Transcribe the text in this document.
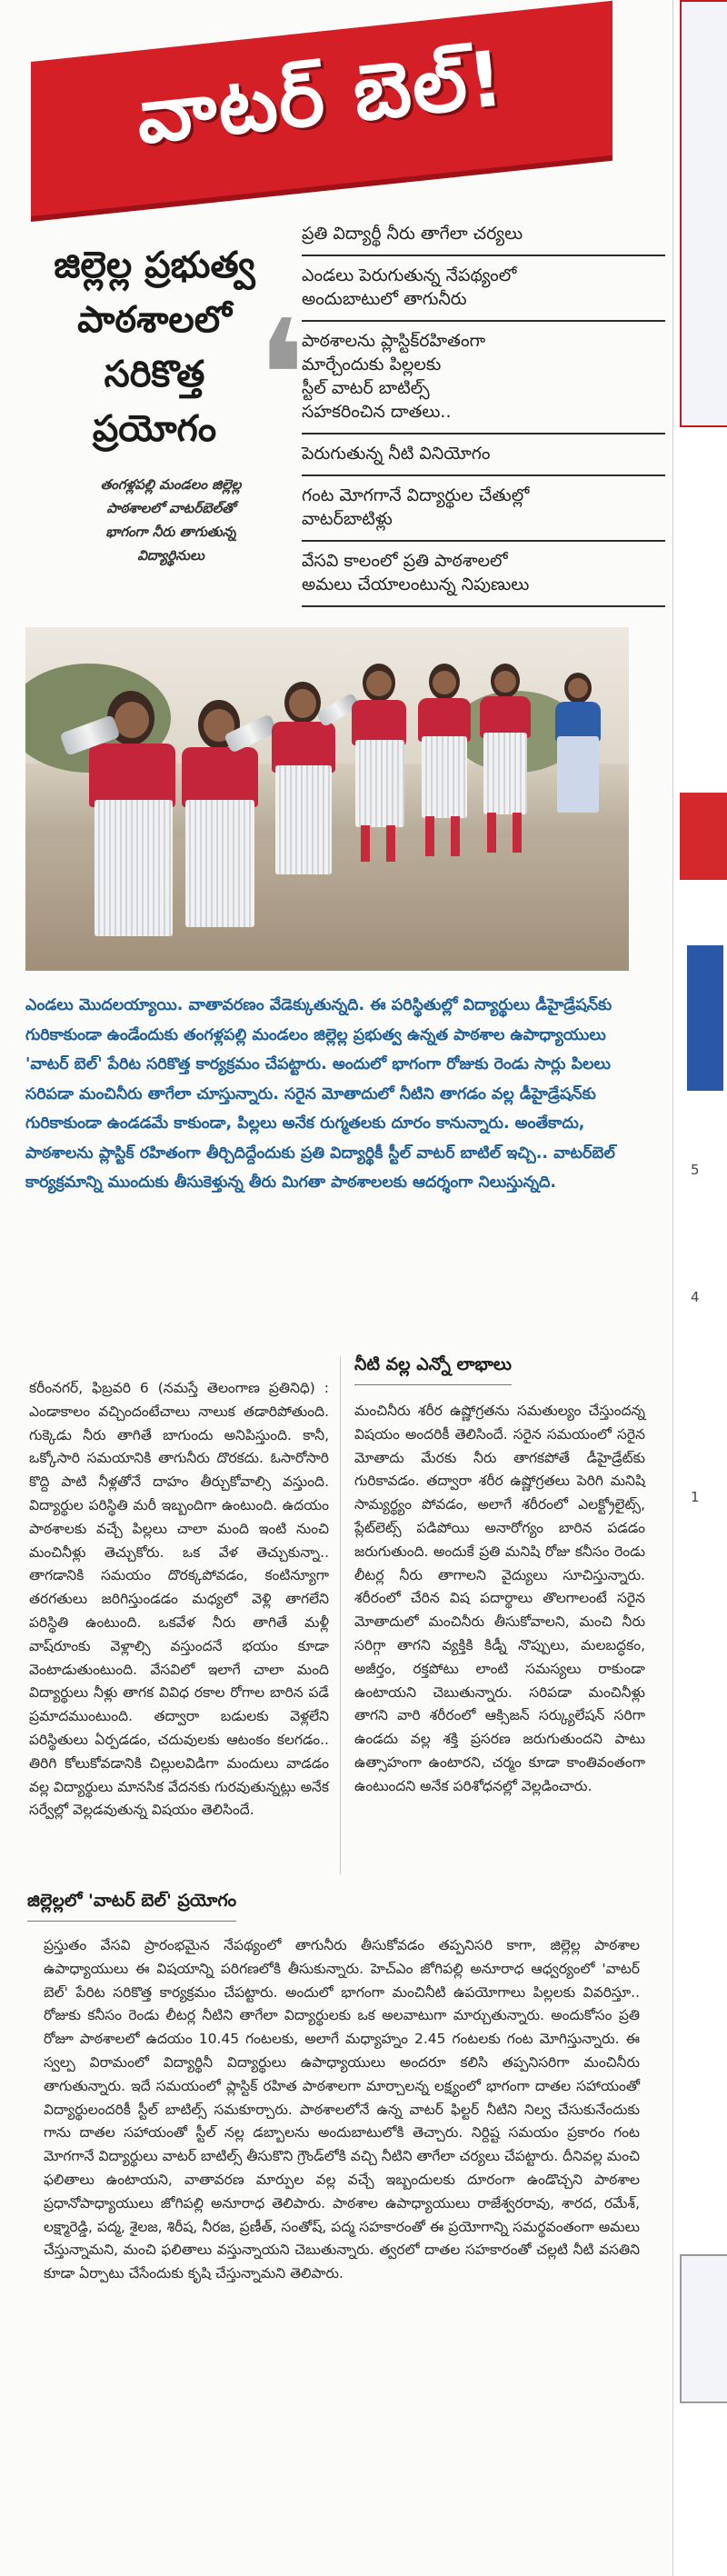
వాటర్ బెల్!
జిల్లెల్ల ప్రభుత్వ
పాఠశాలలో
సరికొత్త
ప్రయోగం ❛
తంగళ్లపల్లి మండలం జిల్లెల్ల
పాఠశాలలో వాటర్‌బెల్‌తో
భాగంగా నీరు తాగుతున్న
విద్యార్థినులు
ప్రతి విద్యార్థీ నీరు తాగేలా చర్యలు
ఎండలు పెరుగుతున్న నేపథ్యంలో
అందుబాటులో తాగునీరు
పాఠశాలను ప్లాస్టిక్‌రహితంగా
మార్చేందుకు పిల్లలకు
స్టీల్ వాటర్ బాటిల్స్
సహకరించిన దాతలు..
పెరుగుతున్న నీటి వినియోగం
గంట మోగగానే విద్యార్థుల చేతుల్లో
వాటర్‌బాటిళ్లు
వేసవి కాలంలో ప్రతి పాఠశాలలో
అమలు చేయాలంటున్న నిపుణులు
ఎండలు మొదలయ్యాయి. వాతావరణం వేడెక్కుతున్నది. ఈ పరిస్థితుల్లో విద్యార్థులు డీహైడ్రేషన్‌కు గురికాకుండా ఉండేందుకు తంగళ్లపల్లి మండలం జిల్లెల్ల ప్రభుత్వ ఉన్నత పాఠశాల ఉపాధ్యాయులు 'వాటర్ బెల్' పేరిట సరికొత్త కార్యక్రమం చేపట్టారు. అందులో భాగంగా రోజుకు రెండు సార్లు పిలలు సరిపడా మంచినీరు తాగేలా చూస్తున్నారు. సరైన మోతాదులో నీటిని తాగడం వల్ల డీహైడ్రేషన్‌కు గురికాకుండా ఉండడమే కాకుండా, పిల్లలు అనేక రుగ్మతలకు దూరం కానున్నారు. అంతేకాదు, పాఠశాలను ప్లాస్టిక్ రహితంగా తీర్చిదిద్దేందుకు ప్రతి విద్యార్థికీ స్టీల్ వాటర్ బాటిల్ ఇచ్చి.. వాటర్‌బెల్ కార్యక్రమాన్ని ముందుకు తీసుకెళ్తున్న తీరు మిగతా పాఠశాలలకు ఆదర్శంగా నిలుస్తున్నది.
కరీంనగర్, ఫిబ్రవరి 6 (నమస్తే తెలంగాణ ప్రతినిధి) : ఎండాకాలం వచ్చిందంటేచాలు నాలుక తడారిపోతుంది. గుక్కెడు నీరు తాగితే బాగుందు అనిపిస్తుంది. కానీ, ఒక్కోసారి సమయానికి తాగునీరు దొరకదు. ఓసారోసారి కొద్ది పాటి నీళ్లతోనే దాహం తీర్చుకోవాల్సి వస్తుంది. విద్యార్థుల పరిస్థితి మరీ ఇబ్బందిగా ఉంటుంది. ఉదయం పాఠశాలకు వచ్చే పిల్లలు చాలా మంది ఇంటి నుంచి మంచినీళ్లు తెచ్చుకోరు. ఒక వేళ తెచ్చుకున్నా.. తాగడానికి సమయం దొరక్కపోవడం, కంటిన్యూగా తరగతులు జరిగిస్తుండడం మధ్యలో వెళ్లి తాగలేని పరిస్థితి ఉంటుంది. ఒకవేళ నీరు తాగితే మళ్లీ వాష్‌రూంకు వెళ్లాల్సి వస్తుందనే భయం కూడా వెంటాడుతుంటుంది. వేసవిలో ఇలాగే చాలా మంది విద్యార్థులు నీళ్లు తాగక వివిధ రకాల రోగాల బారిన పడే ప్రమాదముంటుంది. తద్వారా బడులకు వెళ్లలేని పరిస్థితులు ఏర్పడడం, చదువులకు ఆటంకం కలగడం.. తిరిగి కోలుకోవడానికి చిల్లులవిడిగా మందులు వాడడం వల్ల విద్యార్థులు మానసిక వేదనకు గురవుతున్నట్లు అనేక సర్వేల్లో వెల్లడవుతున్న విషయం తెలిసిందే.
నీటి వల్ల ఎన్నో లాభాలు
మంచినీరు శరీర ఉష్ణోగ్రతను సమతుల్యం చేస్తుందన్న విషయం అందరికీ తెలిసిందే. సరైన సమయంలో సరైన మోతాదు మేరకు నీరు తాగకపోతే డీహైడ్రేట్‌కు గురికావడం. తద్వారా శరీర ఉష్ణోగ్రతలు పెరిగి మనిషి సామ్యర్థ్యం పోవడం, అలాగే శరీరంలో ఎలక్ట్రోలైట్స్, ప్లేట్‌లెట్స్ పడిపోయి అనారోగ్యం బారిన పడడం జరుగుతుంది. అందుకే ప్రతి మనిషి రోజు కనీసం రెండు లీటర్ల నీరు తాగాలని వైద్యులు సూచిస్తున్నారు. శరీరంలో చేరిన విష పదార్థాలు తొలగాలంటే సరైన మోతాదులో మంచినీరు తీసుకోవాలని, మంచి నీరు సరిగ్గా తాగని వ్యక్తికి కిడ్నీ నొప్పులు, మలబద్ధకం, అజీర్తం, రక్తపోటు లాంటి సమస్యలు రాకుండా ఉంటాయని చెబుతున్నారు. సరిపడా మంచినీళ్లు తాగని వారి శరీరంలో ఆక్సిజన్ సర్క్యులేషన్ సరిగా ఉండదు వల్ల శక్తి ప్రసరణ జరుగుతుందని పాటు ఉత్సాహంగా ఉంటారని, చర్మం కూడా కాంతివంతంగా ఉంటుందని అనేక పరిశోధనల్లో వెల్లడించారు.
జిల్లెల్లలో 'వాటర్ బెల్' ప్రయోగం
ప్రస్తుతం వేసవి ప్రారంభమైన నేపథ్యంలో తాగునీరు తీసుకోవడం తప్పనిసరి కాగా, జిల్లెల్ల పాఠశాల ఉపాధ్యాయులు ఈ విషయాన్ని పరిగణలోకి తీసుకున్నారు. హెచ్ఎం జోగిపల్లి అనూరాధ ఆధ్వర్యంలో 'వాటర్ బెల్' పేరిట సరికొత్త కార్యక్రమం చేపట్టారు. అందులో భాగంగా మంచినీటి ఉపయోగాలు పిల్లలకు వివరిస్తూ.. రోజుకు కనీసం రెండు లీటర్ల నీటిని తాగేలా విద్యార్థులకు ఒక అలవాటుగా మార్చుతున్నారు. అందుకోసం ప్రతి రోజూ పాఠశాలలో ఉదయం 10.45 గంటలకు, అలాగే మధ్యాహ్నం 2.45 గంటలకు గంట మోగిస్తున్నారు. ఈ స్వల్ప విరామంలో విద్యార్థినీ విద్యార్థులు ఉపాధ్యాయులు అందరూ కలిసి తప్పనిసరిగా మంచినీరు తాగుతున్నారు. ఇదే సమయంలో ప్లాస్టిక్ రహిత పాఠశాలగా మార్చాలన్న లక్ష్యంలో భాగంగా దాతల సహాయంతో విద్యార్థులందరికీ స్టీల్ బాటిల్స్ సమకూర్చారు. పాఠశాలలోనే ఉన్న వాటర్ ఫిల్టర్ నీటిని నిల్వ చేసుకునేందుకు గాను దాతల సహాయంతో స్టీల్ నల్ల డబ్బాలను అందుబాటులోకి తెచ్చారు. నిర్దిష్ట సమయం ప్రకారం గంట మోగగానే విద్యార్థులు వాటర్ బాటిల్స్ తీసుకొని గ్రౌండ్‌లోకి వచ్చి నీటిని తాగేలా చర్యలు చేపట్టారు. దీనివల్ల మంచి ఫలితాలు ఉంటాయని, వాతావరణ మార్పుల వల్ల వచ్చే ఇబ్బందులకు దూరంగా ఉండొచ్చని పాఠశాల ప్రధానోపాధ్యాయులు జోగిపల్లి అనూరాధ తెలిపారు. పాఠశాల ఉపాధ్యాయులు రాజేశ్వరరావు, శారద, రమేశ్, లక్ష్మారెడ్డి, పద్మ, శైలజ, శిరీష, నీరజ, ప్రణీత్, సంతోష్, పద్మ సహకారంతో ఈ ప్రయోగాన్ని సమర్థవంతంగా అమలు చేస్తున్నామని, మంచి ఫలితాలు వస్తున్నాయని చెబుతున్నారు. త్వరలో దాతల సహకారంతో చల్లటి నీటి వసతిని కూడా ఏర్పాటు చేసేందుకు కృషి చేస్తున్నామని తెలిపారు.
5
4
1
